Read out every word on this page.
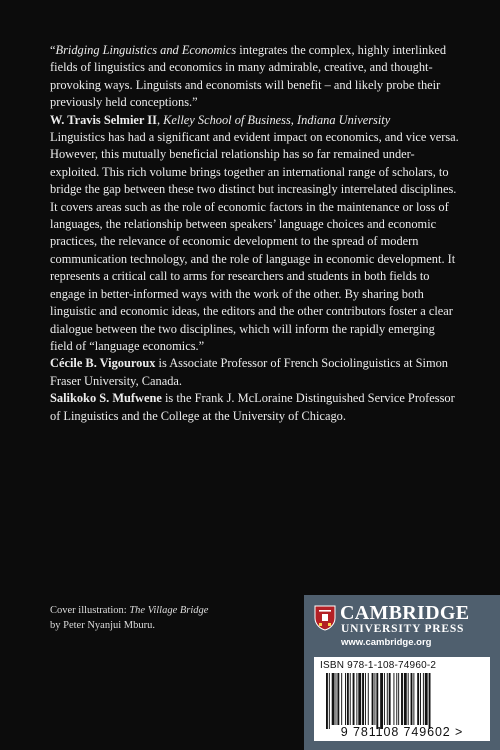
“Bridging Linguistics and Economics integrates the complex, highly interlinked fields of linguistics and economics in many admirable, creative, and thought-provoking ways. Linguists and economists will benefit – and likely probe their previously held conceptions.”
W. Travis Selmier II, Kelley School of Business, Indiana University

Linguistics has had a significant and evident impact on economics, and vice versa. However, this mutually beneficial relationship has so far remained under-exploited. This rich volume brings together an international range of scholars, to bridge the gap between these two distinct but increasingly interrelated disciplines. It covers areas such as the role of economic factors in the maintenance or loss of languages, the relationship between speakers’ language choices and economic practices, the relevance of economic development to the spread of modern communication technology, and the role of language in economic development. It represents a critical call to arms for researchers and students in both fields to engage in better-informed ways with the work of the other. By sharing both linguistic and economic ideas, the editors and the other contributors foster a clear dialogue between the two disciplines, which will inform the rapidly emerging field of “language economics.”

Cécile B. Vigouroux is Associate Professor of French Sociolinguistics at Simon Fraser University, Canada.

Salikoko S. Mufwene is the Frank J. McLoraine Distinguished Service Professor of Linguistics and the College at the University of Chicago.

Cover illustration: The Village Bridge
by Peter Nyanjui Mburu.
CAMBRIDGE
UNIVERSITY PRESS
www.cambridge.org
ISBN 978-1-108-74960-2
9 781108 749602 >
